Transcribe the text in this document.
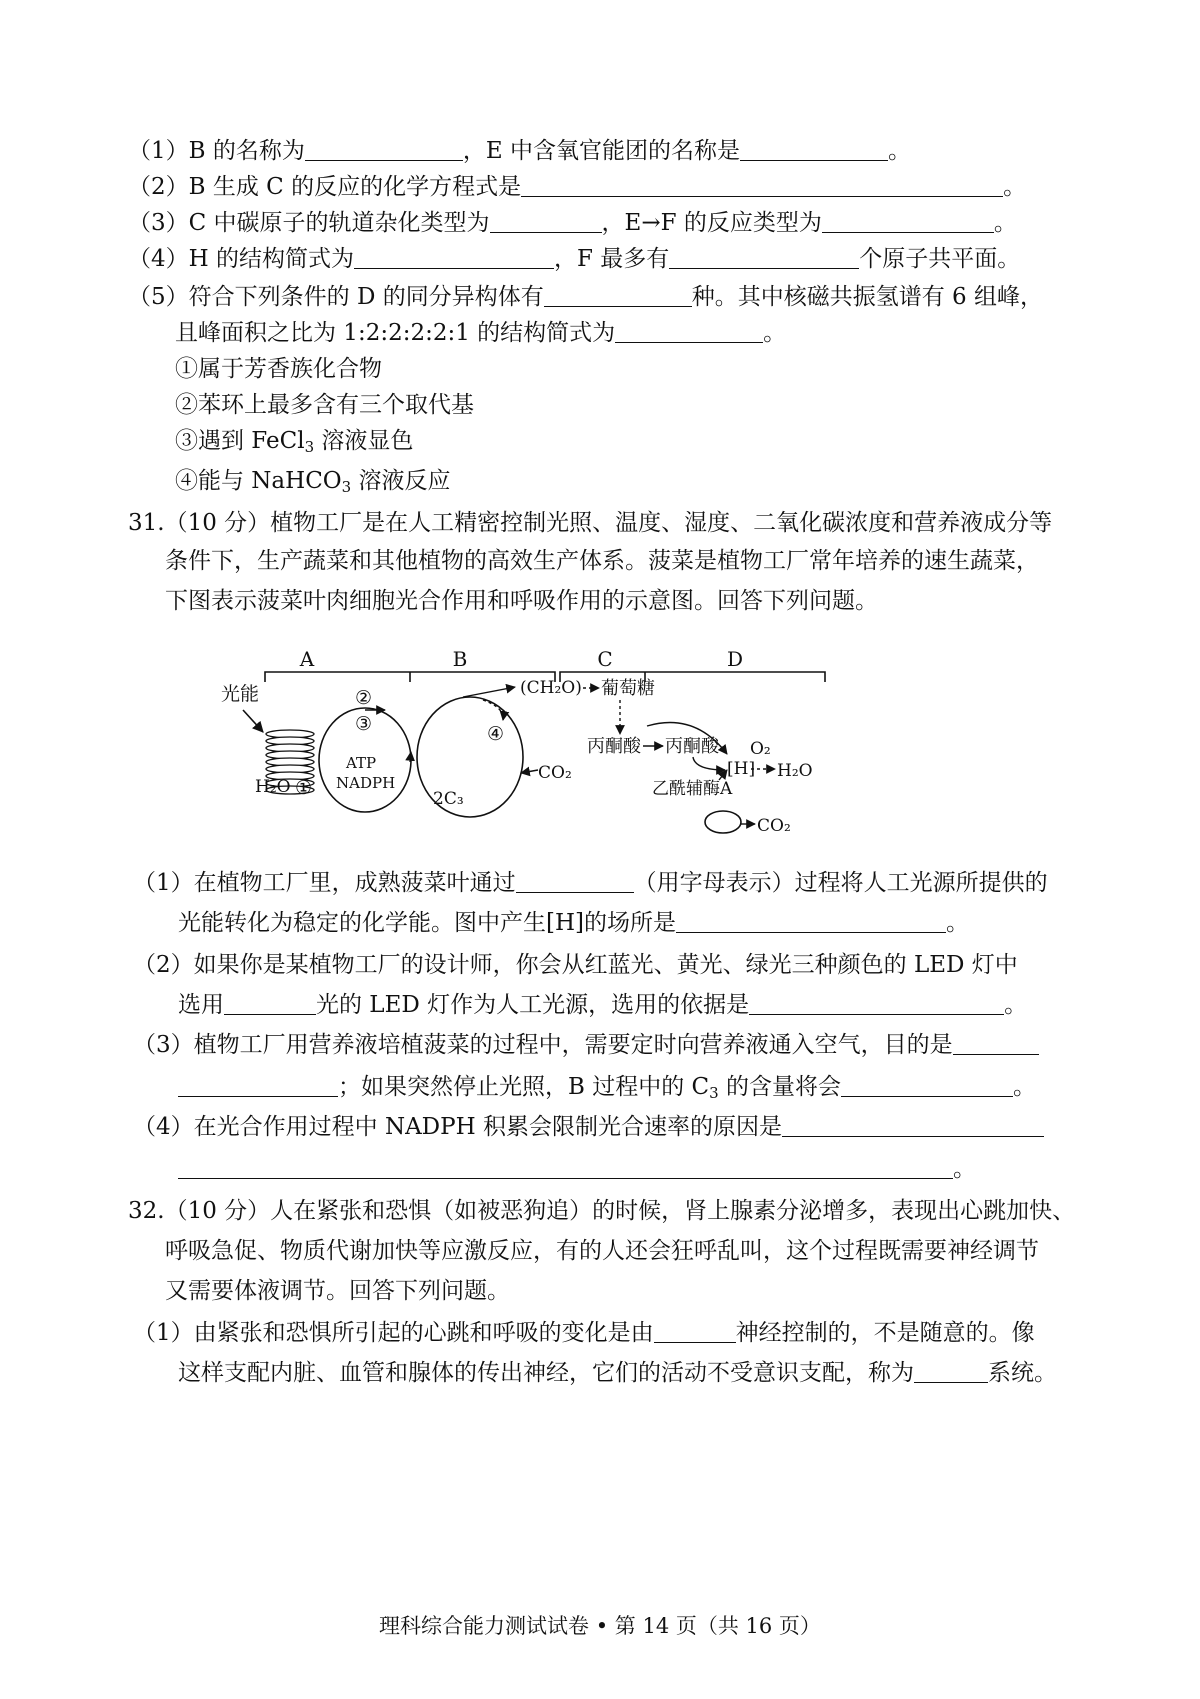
（1）B 的名称为	，E 中含氧官能团的名称是	。
（2）B 生成 C 的反应的化学方程式是	。
（3）C 中碳原子的轨道杂化类型为	，E→F 的反应类型为	。
（4）H 的结构简式为	，F 最多有	个原子共平面。
（5）符合下列条件的 D 的同分异构体有	种。其中核磁共振氢谱有 6 组峰，
且峰面积之比为 1:2:2:2:2:1 的结构简式为	。
①属于芳香族化合物
②苯环上最多含有三个取代基
③遇到 FeCl$_3$ 溶液显色
④能与 NaHCO$_3$ 溶液反应
31.（10 分）植物工厂是在人工精密控制光照、温度、湿度、二氧化碳浓度和营养液成分等
条件下，生产蔬菜和其他植物的高效生产体系。菠菜是植物工厂常年培养的速生蔬菜，
下图表示菠菜叶肉细胞光合作用和呼吸作用的示意图。回答下列问题。
A	B	C	D
光能	②
③
ATP
NADPH
H₂O ①
(CH₂O)
④
CO₂
2C₃
葡萄糖
丙酮酸 丙酮酸
[H]
O₂
H₂O
乙酰辅酶A
CO₂
（1）在植物工厂里，成熟菠菜叶通过	（用字母表示）过程将人工光源所提供的
光能转化为稳定的化学能。图中产生[H]的场所是	。
（2）如果你是某植物工厂的设计师，你会从红蓝光、黄光、绿光三种颜色的 LED 灯中
选用	光的 LED 灯作为人工光源，选用的依据是	。
（3）植物工厂用营养液培植菠菜的过程中，需要定时向营养液通入空气，目的是
；如果突然停止光照，B 过程中的 $C_3$ 的含量将会	。
（4）在光合作用过程中 NADPH 积累会限制光合速率的原因是
。
32.（10 分）人在紧张和恐惧（如被恶狗追）的时候，肾上腺素分泌增多，表现出心跳加快、
呼吸急促、物质代谢加快等应激反应，有的人还会狂呼乱叫，这个过程既需要神经调节
又需要体液调节。回答下列问题。
（1）由紧张和恐惧所引起的心跳和呼吸的变化是由	神经控制的，不是随意的。像
这样支配内脏、血管和腺体的传出神经，它们的活动不受意识支配，称为	系统。
理科综合能力测试试卷 • 第 14 页（共 16 页）
